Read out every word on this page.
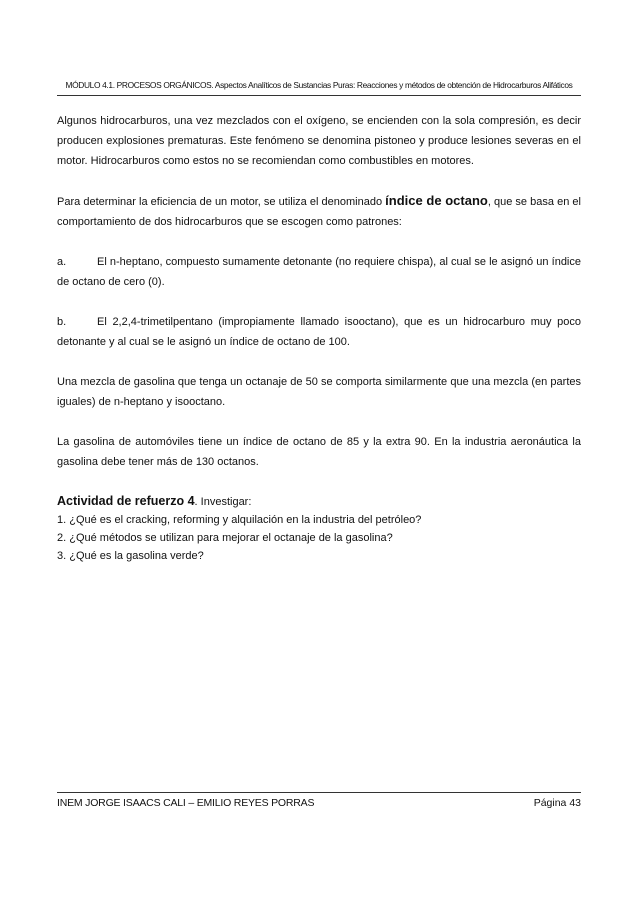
MÓDULO 4.1. PROCESOS ORGÁNICOS. Aspectos Analíticos de Sustancias Puras: Reacciones y métodos de obtención de Hidrocarburos Alifáticos

Algunos hidrocarburos, una vez mezclados con el oxígeno, se encienden con la sola compresión, es decir producen explosiones prematuras. Este fenómeno se denomina pistoneo y produce lesiones severas en el motor. Hidrocarburos como estos no se recomiendan como combustibles en motores.

Para determinar la eficiencia de un motor, se utiliza el denominado índice de octano, que se basa en el comportamiento de dos hidrocarburos que se escogen como patrones:

a.	El n-heptano, compuesto sumamente detonante (no requiere chispa), al cual se le asignó un índice de octano de cero (0).

b.	El 2,2,4-trimetilpentano (impropiamente llamado isooctano), que es un hidrocarburo muy poco detonante y al cual se le asignó un índice de octano de 100.

Una mezcla de gasolina que tenga un octanaje de 50 se comporta similarmente que una mezcla (en partes iguales) de n-heptano y isooctano.

La gasolina de automóviles tiene un índice de octano de 85 y la extra 90. En la industria aeronáutica la gasolina debe tener más de 130 octanos.

Actividad de refuerzo 4. Investigar:
1. ¿Qué es el cracking, reforming y alquilación en la industria del petróleo?
2. ¿Qué métodos se utilizan para mejorar el octanaje de la gasolina?
3. ¿Qué es la gasolina verde?
INEM JORGE ISAACS CALI – EMILIO REYES PORRAS	Página 43
